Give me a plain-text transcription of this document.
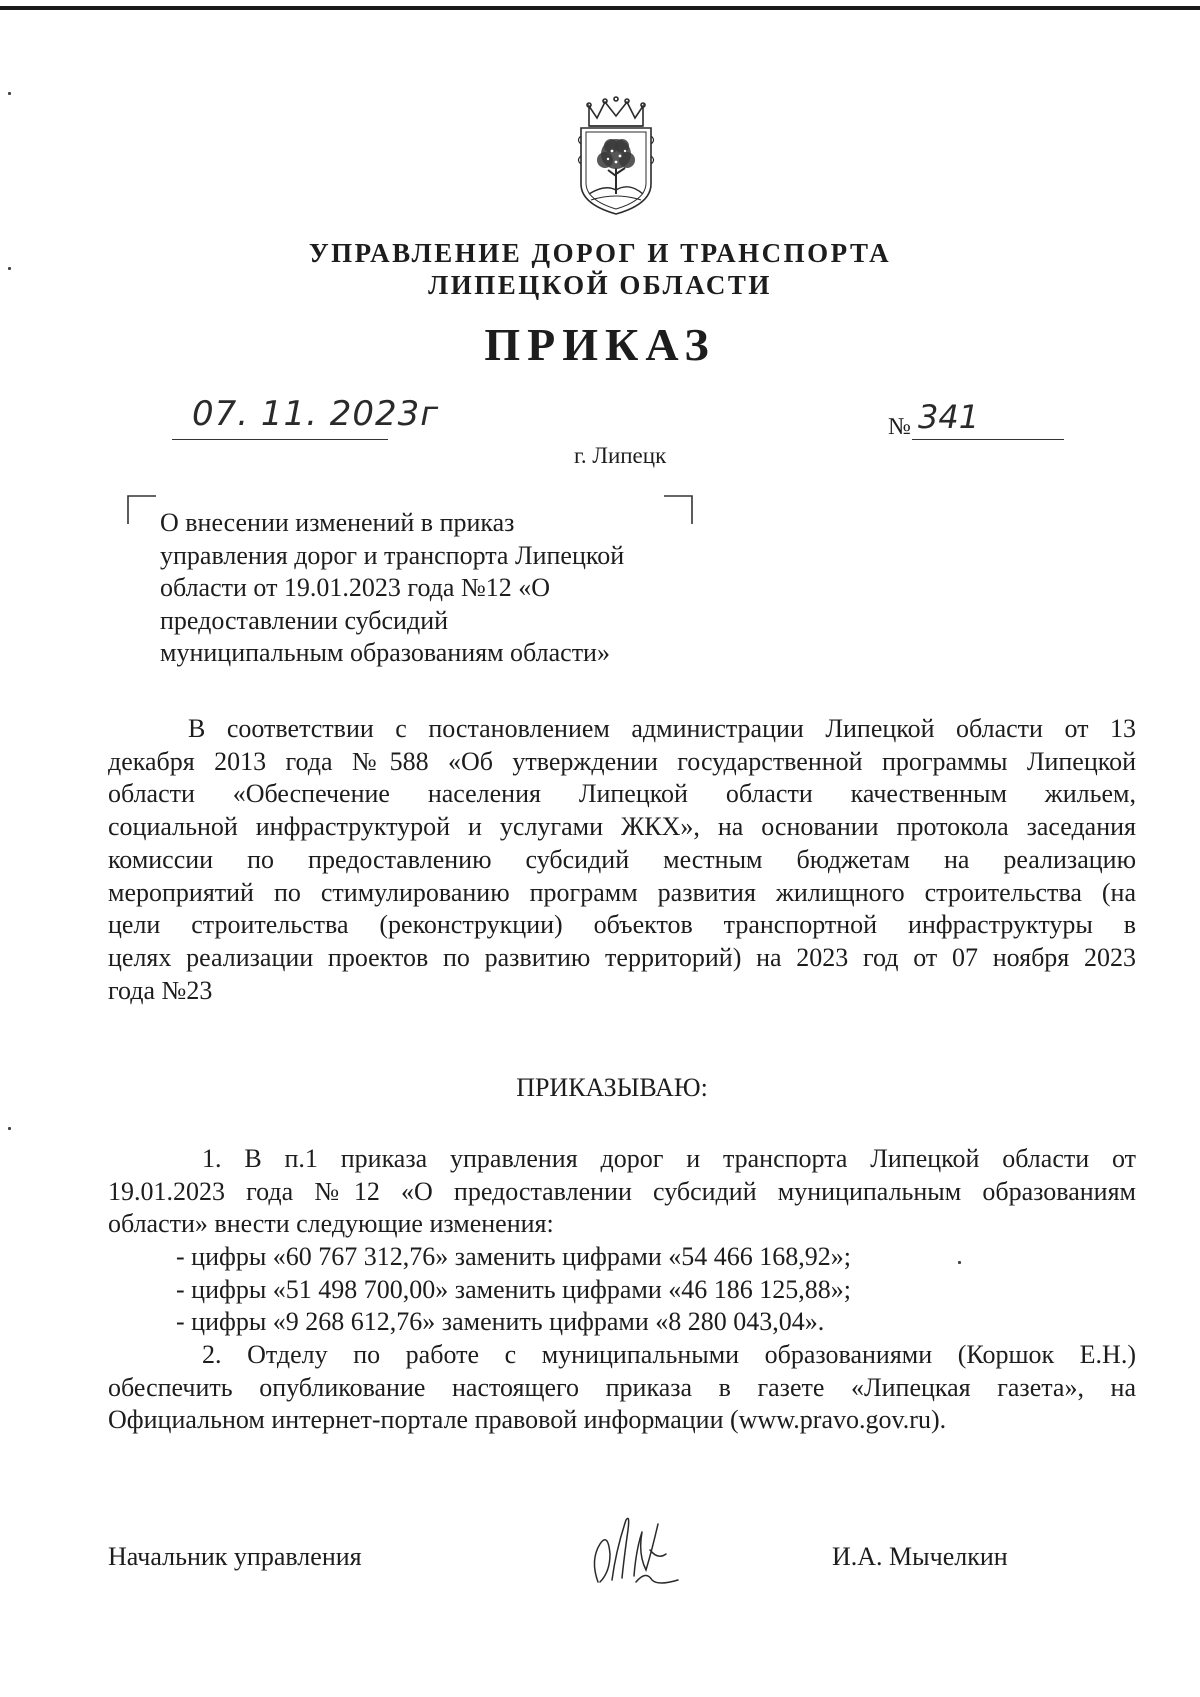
УПРАВЛЕНИЕ ДОРОГ И ТРАНСПОРТА
ЛИПЕЦКОЙ ОБЛАСТИ
ПРИКАЗ
07. 11. 2023г	№ 341
г. Липецк
О внесении изменений в приказ
управления дорог и транспорта Липецкой
области от 19.01.2023 года №12 «О
предоставлении субсидий
муниципальным образованиям области»
В соответствии с постановлением администрации Липецкой области от 13
декабря 2013 года №588 «Об утверждении государственной программы Липецкой
области «Обеспечение населения Липецкой области качественным жильем,
социальной инфраструктурой и услугами ЖКХ», на основании протокола заседания
комиссии по предоставлению субсидий местным бюджетам на реализацию
мероприятий по стимулированию программ развития жилищного строительства (на
цели строительства (реконструкции) объектов транспортной инфраструктуры в
целях реализации проектов по развитию территорий) на 2023 год от 07 ноября 2023
года №23
ПРИКАЗЫВАЮ:
1. В п.1 приказа управления дорог и транспорта Липецкой области от
19.01.2023 года №12 «О предоставлении субсидий муниципальным образованиям
области» внести следующие изменения:
- цифры «60 767 312,76» заменить цифрами «54 466 168,92»;
- цифры «51 498 700,00» заменить цифрами «46 186 125,88»;
- цифры «9 268 612,76» заменить цифрами «8 280 043,04».
2. Отделу по работе с муниципальными образованиями (Коршок Е.Н.)
обеспечить опубликование настоящего приказа в газете «Липецкая газета», на
Официальном интернет-портале правовой информации (www.pravo.gov.ru).
Начальник управления	И.А. Мычелкин
